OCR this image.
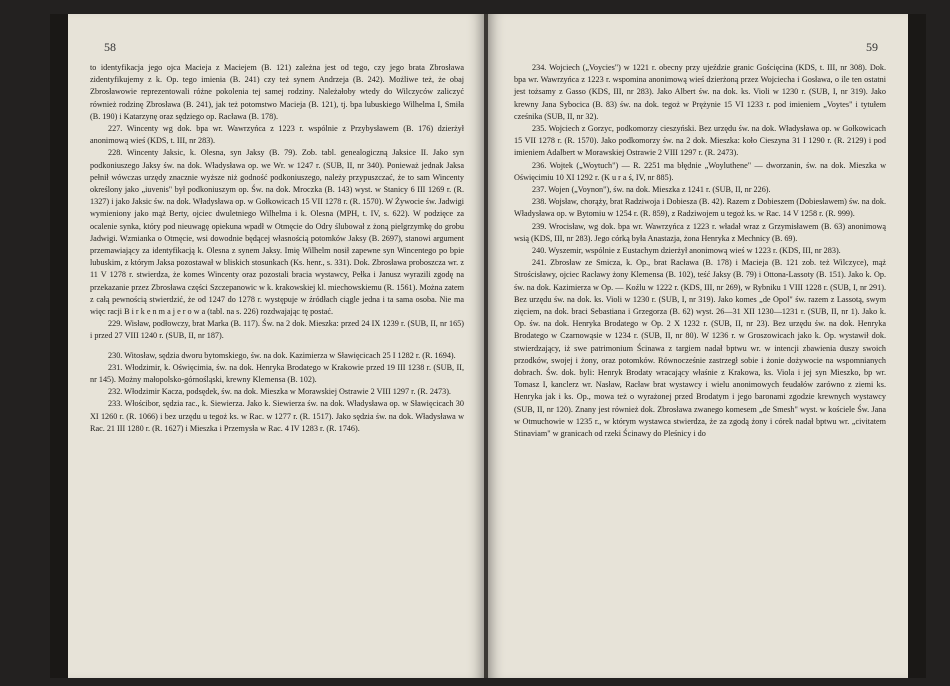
58

to identyfikacja jego ojca Macieja z Maciejem (B. 121) zależna jest od tego, czy jego brata Zbrosława zidentyfikujemy z k. Op. tego imienia (B. 241) czy też synem Andrzeja (B. 242). Możliwe też, że obaj Zbrosławowie reprezentowali różne pokolenia tej samej rodziny. Należałoby wtedy do Wilczyców zaliczyć również rodzinę Zbrosława (B. 241), jak też potomstwo Macieja (B. 121), tj. bpa lubuskiego Wilhelma I, Smiła (B. 190) i Katarzynę oraz sędziego op. Racława (B. 178).

227. Wincenty wg dok. bpa wr. Wawrzyńca z 1223 r. wspólnie z Przybysławem (B. 176) dzierżył anonimową wieś (KDS, t. III, nr 283).

228. Wincenty Jaksic, k. Olesna, syn Jaksy (B. 79). Zob. tabl. genealogiczną Jaksice II. Jako syn podkoniuszego Jaksy św. na dok. Władysława op. we Wr. w 1247 r. (SUB, II, nr 340). Ponieważ jednak Jaksa pełnił wówczas urzędy znacznie wyższe niż godność podkoniuszego, należy przypuszczać, że to sam Wincenty określony jako „iuvenis" był podkoniuszym op. Św. na dok. Mroczka (B. 143) wyst. w Stanicy 6 III 1269 r. (R. 1327) i jako Jaksic św. na dok. Władysława op. w Gołkowicach 15 VII 1278 r. (R. 1570). W Żywocie św. Jadwigi wymieniony jako mąż Berty, ojciec dwuletniego Wilhelma i k. Olesna (MPH, t. IV, s. 622). W podzięce za ocalenie synka, który pod nieuwagę opiekuna wpadł w Otmęcie do Odry ślubował z żoną pielgrzymkę do grobu Jadwigi. Wzmianka o Otmęcie, wsi dowodnie będącej własnością potomków Jaksy (B. 2697), stanowi argument przemawiający za identyfikacją k. Olesna z synem Jaksy. Imię Wilhelm nosił zapewne syn Wincentego po bpie lubuskim, z którym Jaksa pozostawał w bliskich stosunkach (Ks. henr., s. 331). Dok. Zbrosława proboszcza wr. z 11 V 1278 r. stwierdza, że komes Wincenty oraz pozostali bracia wystawcy, Pełka i Janusz wyrazili zgodę na przekazanie przez Zbrosława części Szczepanowic w k. krakowskiej kl. miechowskiemu (R. 1561). Można zatem z całą pewnością stwierdzić, że od 1247 do 1278 r. występuje w źródłach ciągle jedna i ta sama osoba. Nie ma więc racji B i r k e n m a j e r o w a (tabl. na s. 226) rozdwajając tę postać.

229. Wisław, podłowczy, brat Marka (B. 117). Św. na 2 dok. Mieszka: przed 24 IX 1239 r. (SUB, II, nr 165) i przed 27 VIII 1240 r. (SUB, II, nr 187).

230. Witosław, sędzia dworu bytomskiego, św. na dok. Kazimierza w Sławięcicach 25 I 1282 r. (R. 1694).

231. Włodzimir, k. Oświęcimia, św. na dok. Henryka Brodatego w Krakowie przed 19 III 1238 r. (SUB, II, nr 145). Możny małopolsko-górnośląski, krewny Klemensa (B. 102).

232. Włodzimir Kacza, podsędek, św. na dok. Mieszka w Morawskiej Ostrawie 2 VIII 1297 r. (R. 2473).

233. Włościbor, sędzia rac., k. Siewierza. Jako k. Siewierza św. na dok. Władysława op. w Sławięcicach 30 XI 1260 r. (R. 1066) i bez urzędu u tegoż ks. w Rac. w 1277 r. (R. 1517). Jako sędzia św. na dok. Władysława w Rac. 21 III 1280 r. (R. 1627) i Mieszka i Przemysła w Rac. 4 IV 1283 r. (R. 1746).

59

234. Wojciech („Voycies") w 1221 r. obecny przy ujeździe granic Gościęcina (KDS, t. III, nr 308). Dok. bpa wr. Wawrzyńca z 1223 r. wspomina anonimową wieś dzierżoną przez Wojciecha i Gosława, o ile ten ostatni jest tożsamy z Gasso (KDS, III, nr 283). Jako Albert św. na dok. ks. Violi w 1230 r. (SUB, I, nr 319). Jako krewny Jana Sybocica (B. 83) św. na dok. tegoż w Prężynie 15 VI 1233 r. pod imieniem „Voytes" i tytułem cześnika (SUB, II, nr 32).

235. Wojciech z Gorzyc, podkomorzy cieszyński. Bez urzędu św. na dok. Władysława op. w Gołkowicach 15 VII 1278 r. (R. 1570). Jako podkomorzy św. na 2 dok. Mieszka: koło Cieszyna 31 I 1290 r. (R. 2129) i pod imieniem Adalbert w Morawskiej Ostrawie 2 VIII 1297 r. (R. 2473).

236. Wojtek („Woytuch") — R. 2251 ma błędnie „Woyluthene" — dworzanin, św. na dok. Mieszka w Oświęcimiu 10 XI 1292 r. (K u r a ś, IV, nr 885).

237. Wojen („Voynon"), św. na dok. Mieszka z 1241 r. (SUB, II, nr 226).

238. Wojsław, chorąży, brat Radziwoja i Dobiesza (B. 42). Razem z Dobieszem (Dobiesławem) św. na dok. Władysława op. w Bytomiu w 1254 r. (R. 859), z Radziwojem u tegoż ks. w Rac. 14 V 1258 r. (R. 999).

239. Wrocisław, wg dok. bpa wr. Wawrzyńca z 1223 r. władał wraz z Grzymisławem (B. 63) anonimową wsią (KDS, III, nr 283). Jego córką była Anastazja, żona Henryka z Mechnicy (B. 69).

240. Wyszemir, wspólnie z Eustachym dzierżył anonimową wieś w 1223 r. (KDS, III, nr 283).

241. Zbrosław ze Smicza, k. Op., brat Racława (B. 178) i Macieja (B. 121 zob. też Wilczyce), mąż Strościsławy, ojciec Racławy żony Klemensa (B. 102), teść Jaksy (B. 79) i Ottona-Lassoty (B. 151). Jako k. Op. św. na dok. Kazimierza w Op. — Koźlu w 1222 r. (KDS, III, nr 269), w Rybniku 1 VIII 1228 r. (SUB, I, nr 291). Bez urzędu św. na dok. ks. Violi w 1230 r. (SUB, I, nr 319). Jako komes „de Opol" św. razem z Lassotą, swym zięciem, na dok. braci Sebastiana i Grzegorza (B. 62) wyst. 26—31 XII 1230—1231 r. (SUB, II, nr 1). Jako k. Op. św. na dok. Henryka Brodatego w Op. 2 X 1232 r. (SUB, II, nr 23). Bez urzędu św. na dok. Henryka Brodatego w Czarnowąsie w 1234 r. (SUB, II, nr 80). W 1236 r. w Groszowicach jako k. Op. wystawił dok. stwierdzający, iż swe patrimonium Ścinawa z targiem nadał bptwu wr. w intencji zbawienia duszy swoich przodków, swojej i żony, oraz potomków. Równocześnie zastrzegł sobie i żonie dożywocie na wspomnianych dobrach. Św. dok. byli: Henryk Brodaty wracający właśnie z Krakowa, ks. Viola i jej syn Mieszko, bp wr. Tomasz I, kanclerz wr. Nasław, Racław brat wystawcy i wielu anonimowych feudałów zarówno z ziemi ks. Henryka jak i ks. Op., mowa też o wyrażonej przed Brodatym i jego baronami zgodzie krewnych wystawcy (SUB, II, nr 120). Znany jest również dok. Zbrosława zwanego komesem „de Smesh" wyst. w kościele Św. Jana w Otmuchowie w 1235 r., w którym wystawca stwierdza, że za zgodą żony i córek nadał bptwu wr. „civitatem Stinaviam" w granicach od rzeki Ścinawy do Pleśnicy i do
